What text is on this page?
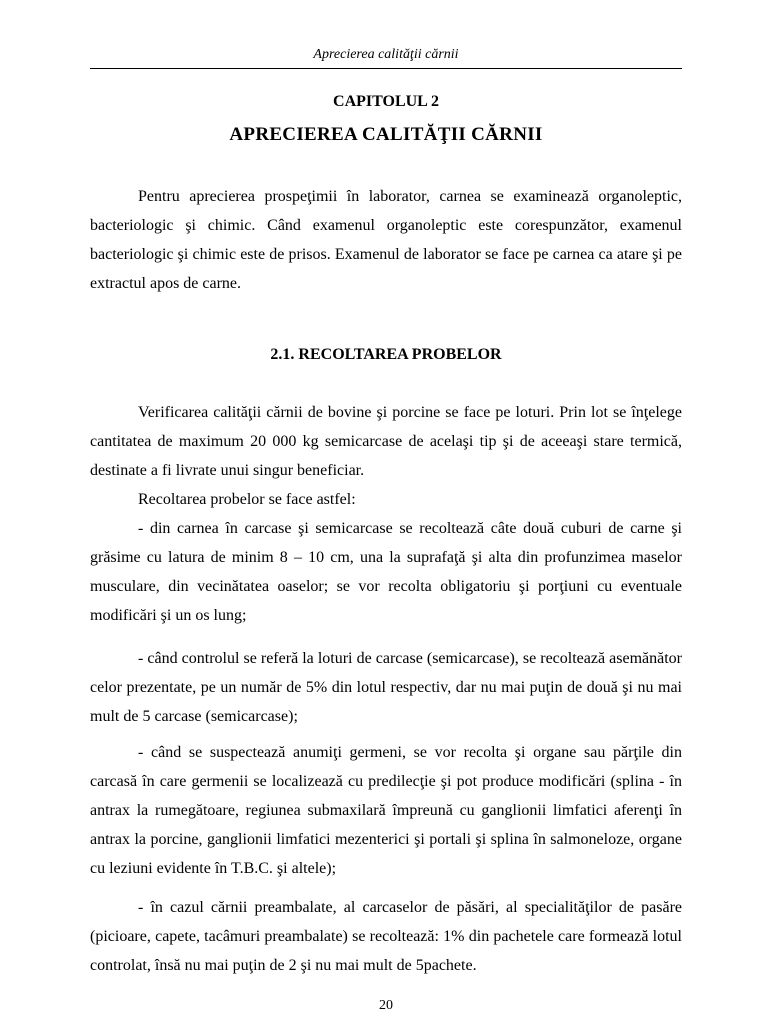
Aprecierea calităţii cărnii
CAPITOLUL 2
APRECIEREA CALITĂŢII CĂRNII

Pentru aprecierea prospeţimii în laborator, carnea se examinează organoleptic, bacteriologic şi chimic. Când examenul organoleptic este corespunzător, examenul bacteriologic şi chimic este de prisos. Examenul de laborator se face pe carnea ca atare şi pe extractul apos de carne.

2.1. RECOLTAREA PROBELOR

Verificarea calităţii cărnii de bovine şi porcine se face pe loturi. Prin lot se înţelege cantitatea de maximum 20 000 kg semicarcase de acelaşi tip şi de aceeaşi stare termică, destinate a fi livrate unui singur beneficiar.

Recoltarea probelor se face astfel:

- din carnea în carcase şi semicarcase se recoltează câte două cuburi de carne şi grăsime cu latura de minim 8 – 10 cm, una la suprafaţă şi alta din profunzimea maselor musculare, din vecinătatea oaselor; se vor recolta obligatoriu şi porţiuni cu eventuale modificări şi un os lung;

- când controlul se referă la loturi de carcase (semicarcase), se recoltează asemănător celor prezentate, pe un număr de 5% din lotul respectiv, dar nu mai puţin de două şi nu mai mult de 5 carcase (semicarcase);

- când se suspectează anumiţi germeni, se vor recolta şi organe sau părţile din carcasă în care germenii se localizează cu predilecţie şi pot produce modificări (splina - în antrax la rumegătoare, regiunea submaxilară împreună cu ganglionii limfatici aferenţi în antrax la porcine, ganglionii limfatici mezenterici şi portali şi splina în salmoneloze, organe cu leziuni evidente în T.B.C. şi altele);

- în cazul cărnii preambalate, al carcaselor de păsări, al specialităţilor de pasăre (picioare, capete, tacâmuri preambalate) se recoltează: 1% din pachetele care formează lotul controlat, însă nu mai puţin de 2 şi nu mai mult de 5pachete.

20
